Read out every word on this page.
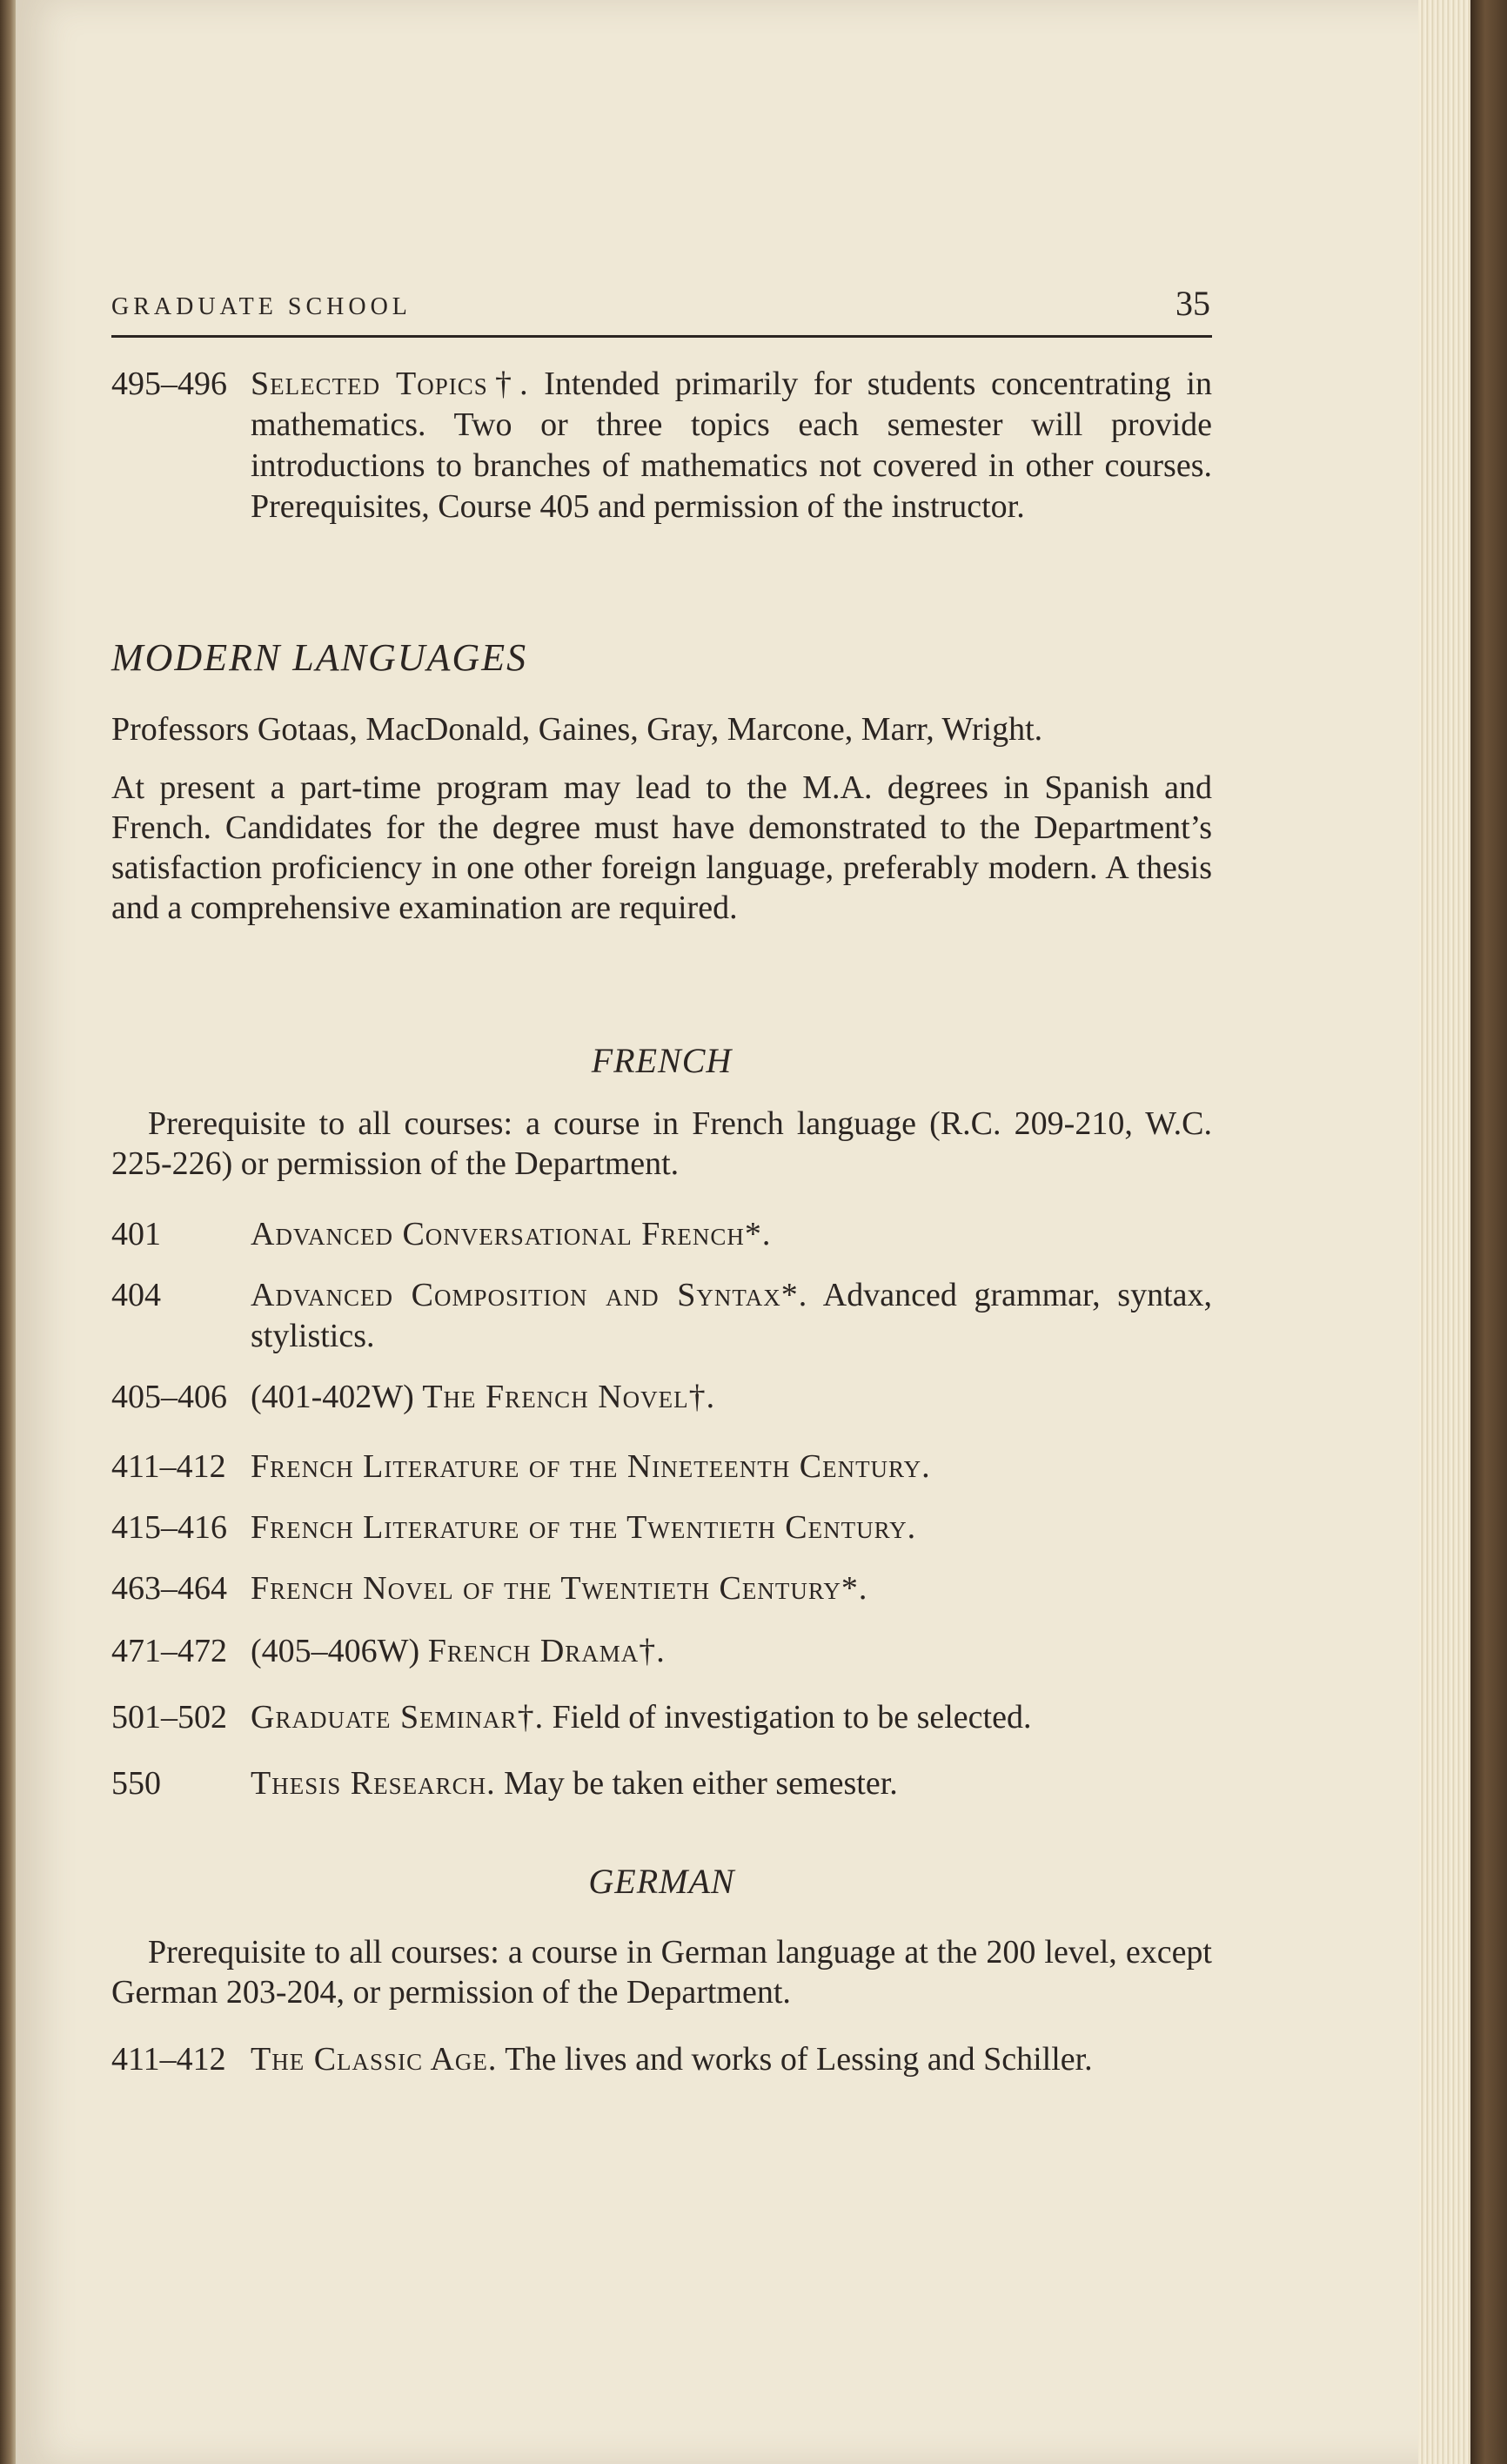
GRADUATE SCHOOL	35
495–496 Selected Topics†. Intended primarily for students concentrating in mathematics. Two or three topics each semester will provide introductions to branches of mathematics not covered in other courses. Prerequisites, Course 405 and permission of the instructor.
MODERN LANGUAGES
Professors Gotaas, MacDonald, Gaines, Gray, Marcone, Marr, Wright.
At present a part-time program may lead to the M.A. degrees in Spanish and French. Candidates for the degree must have demonstrated to the Department’s satisfaction proficiency in one other foreign language, preferably modern. A thesis and a comprehensive examination are required.
FRENCH
Prerequisite to all courses: a course in French language (R.C. 209-210, W.C. 225-226) or permission of the Department.
401	Advanced Conversational French*.
404	Advanced Composition and Syntax*. Advanced grammar, syntax, stylistics.
405–406 (401-402W) The French Novel†.
411–412 French Literature of the Nineteenth Century.
415–416 French Literature of the Twentieth Century.
463–464 French Novel of the Twentieth Century*.
471–472 (405–406W) French Drama†.
501–502 Graduate Seminar†. Field of investigation to be selected.
550	Thesis Research. May be taken either semester.
GERMAN
Prerequisite to all courses: a course in German language at the 200 level, except German 203-204, or permission of the Department.
411–412 The Classic Age. The lives and works of Lessing and Schiller.
